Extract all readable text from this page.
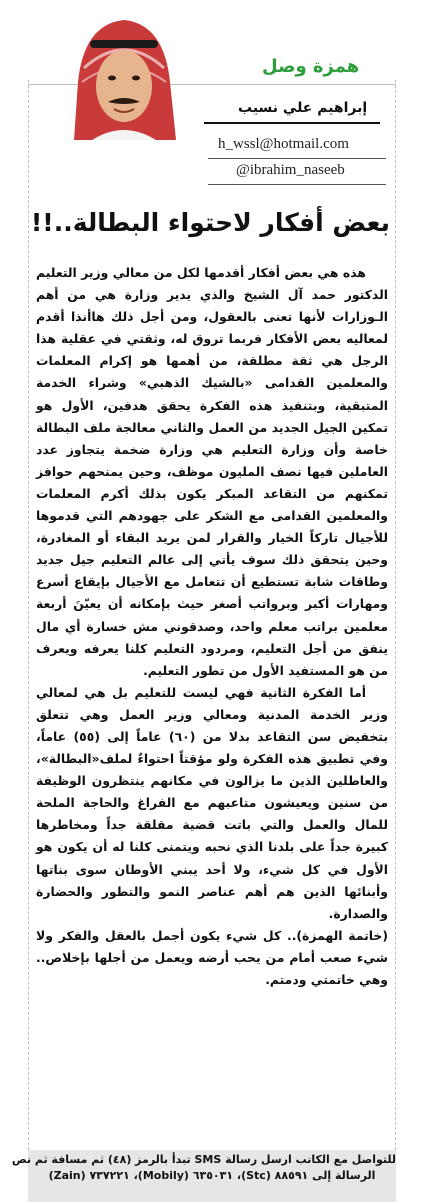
همزة وصل
إبراهيم علي نسيب
h_wssl@hotmail.com
@ibrahim_naseeb
بعض أفكار لاحتواء البطالة..!!

هذه هي بعض أفكار أقدمها لكل من معالي وزير التعليم الدكتور حمد آل الشيخ والذي يدير وزارة هي من أهم الـوزارات لأنها تعنى بالعقول، ومن أجل ذلك هاأنذا أقدم لمعاليه بعض الأفكار فربما تروق له، وثقتي في عقلية هذا الرجل هي ثقة مطلقة، من أهمها هو إكرام المعلمات والمعلمين القدامى «بالشيك الذهبي» وشراء الخدمة المتبقية، وبتنفيذ هذه الفكرة يحقق هدفين، الأول هو تمكين الجيل الجديد من العمل والثاني معالجة ملف البطالة خاصة وأن وزارة التعليم هي وزارة ضخمة يتجاوز عدد العاملين فيها نصف المليون موظف، وحين يمنحهم حوافز تمكنهم من التقاعد المبكر يكون بذلك أكرم المعلمات والمعلمين القدامى مع الشكر على جهودهم التي قدموها للأجيال تاركاً الخيار والقرار لمن يريد البقاء أو المغادرة، وحين يتحقق ذلك سوف يأتي إلى عالم التعليم جيل جديد وطاقات شابة تستطيع أن تتعامل مع الأجيال بإيقاع أسرع ومهارات أكبر وبرواتب أصغر حيث بإمكانه أن يعيّنَ أربعة معلمين براتب معلم واحد، وصدقوني مش خسارة أي مال ينفق من أجل التعليم، ومردود التعليم كلنا يعرفه ويعرف من هو المستفيد الأول من تطور التعليم.

أما الفكرة الثانية فهي ليست للتعليم بل هي لمعالي وزير الخدمة المدنية ومعالي وزير العمل وهي تتعلق بتخفيض سن التقاعد بدلا من (٦٠) عاماً إلى (٥٥) عاماً، وفي تطبيق هذه الفكرة ولو مؤقتاً احتواءٌ لملف«البطالة»، والعاطلين الذين ما يزالون في مكانهم ينتظرون الوظيفة من سنين ويعيشون متاعبهم مع الفراغ والحاجة الملحة للمال والعمل والتي باتت قضية مقلقة جداً ومخاطرها كبيرة جداً على بلدنا الذي نحبه ويتمنى كلنا له أن يكون هو الأول في كل شيء، ولا أحد يبني الأوطان سوى بناتها وأبنائها الذين هم أهم عناصر النمو والتطور والحضارة والصدارة.

(خاتمة الهمزة).. كل شيء يكون أجمل بالعقل والفكر ولا شيء صعب أمام من يحب أرضه ويعمل من أجلها بإخلاص.. وهي خاتمتي ودمتم.

للتواصل مع الكاتب ارسل رسالة SMS تبدأ بالرمز (٤٨) ثم مسافة ثم نص
الرسالة إلى ٨٨٥٩١ (Stc)، ٦٣٥٠٣١ (Mobily)، ٧٣٧٢٢١ (Zain)
